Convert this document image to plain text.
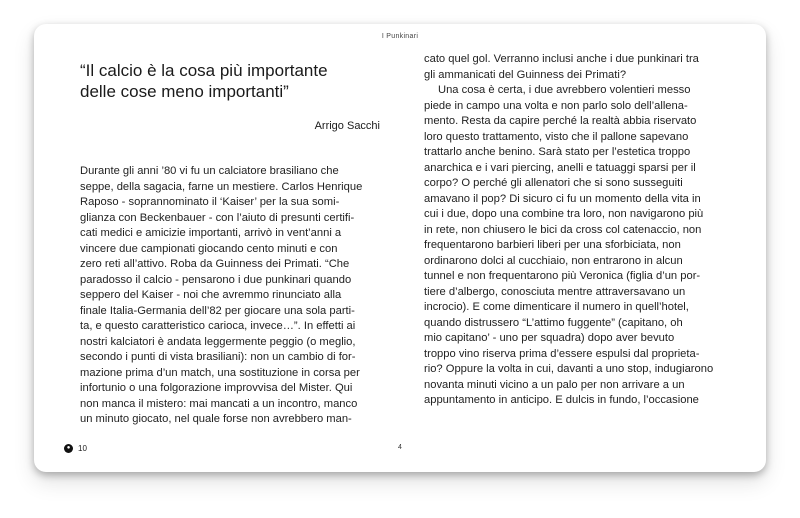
I Punkinari
“Il calcio è la cosa più importante
delle cose meno importanti”
Arrigo Sacchi
Durante gli anni ’80 vi fu un calciatore brasiliano che
seppe, della sagacia, farne un mestiere. Carlos Henrique
Raposo - soprannominato il ‘Kaiser’ per la sua somi-
glianza con Beckenbauer - con l’aiuto di presunti certifi-
cati medici e amicizie importanti, arrivò in vent’anni a
vincere due campionati giocando cento minuti e con
zero reti all’attivo. Roba da Guinness dei Primati. “Che
paradosso il calcio - pensarono i due punkinari quando
seppero del Kaiser - noi che avremmo rinunciato alla
finale Italia-Germania dell’82 per giocare una sola parti-
ta, e questo caratteristico carioca, invece…”. In effetti ai
nostri kalciatori è andata leggermente peggio (o meglio,
secondo i punti di vista brasiliani): non un cambio di for-
mazione prima d’un match, una sostituzione in corsa per
infortunio o una folgorazione improvvisa del Mister. Qui
non manca il mistero: mai mancati a un incontro, manco
un minuto giocato, nel quale forse non avrebbero man-
cato quel gol. Verranno inclusi anche i due punkinari tra
gli ammanicati del Guinness dei Primati?
Una cosa è certa, i due avrebbero volentieri messo
piede in campo una volta e non parlo solo dell’allena-
mento. Resta da capire perché la realtà abbia riservato
loro questo trattamento, visto che il pallone sapevano
trattarlo anche benino. Sarà stato per l’estetica troppo
anarchica e i vari piercing, anelli e tatuaggi sparsi per il
corpo? O perché gli allenatori che si sono susseguiti
amavano il pop? Di sicuro ci fu un momento della vita in
cui i due, dopo una combine tra loro, non navigarono più
in rete, non chiusero le bici da cross col catenaccio, non
frequentarono barbieri liberi per una sforbiciata, non
ordinarono dolci al cucchiaio, non entrarono in alcun
tunnel e non frequentarono più Veronica (figlia d’un por-
tiere d’albergo, conosciuta mentre attraversavano un
incrocio). E come dimenticare il numero in quell’hotel,
quando distrussero “L’attimo fuggente” (capitano, oh
mio capitano’ - uno per squadra) dopo aver bevuto
troppo vino riserva prima d’essere espulsi dal proprieta-
rio? Oppure la volta in cui, davanti a uno stop, indugiarono
novanta minuti vicino a un palo per non arrivare a un
appuntamento in anticipo. E dulcis in fundo, l’occasione
● 10	4
